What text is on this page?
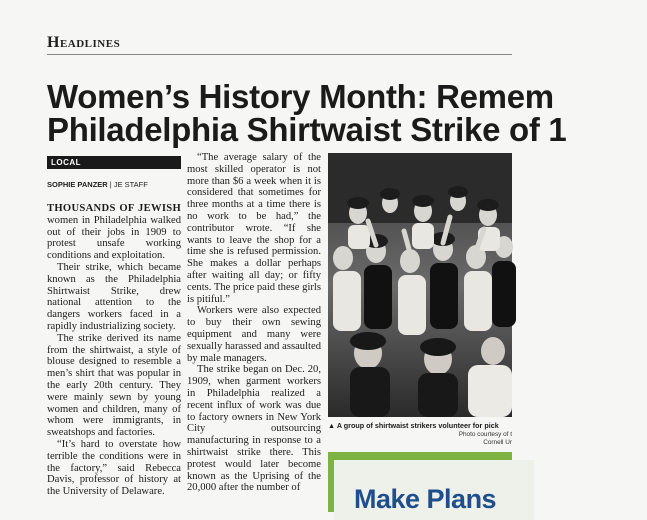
Headlines
Women’s History Month: Remem
Philadelphia Shirtwaist Strike of 1
LOCAL
SOPHIE PANZER | JE STAFF

THOUSANDS OF JEWISH women in Philadelphia walked out of their jobs in 1909 to protest unsafe working conditions and exploitation.

Their strike, which became known as the Philadelphia Shirtwaist Strike, drew national attention to the dangers workers faced in a rapidly industrializing society.

The strike derived its name from the shirtwaist, a style of blouse designed to resemble a men’s shirt that was popular in the early 20th century. They were mainly sewn by young women and children, many of whom were immigrants, in sweatshops and factories.

“It’s hard to overstate how terrible the conditions were in the factory,” said Rebecca Davis, professor of history at the University of Delaware.

“The average salary of the most skilled operator is not more than $6 a week when it is considered that sometimes for three months at a time there is no work to be had,” the contributor wrote. “If she wants to leave the shop for a time she is refused permission. She makes a dollar perhaps after waiting all day; or fifty cents. The price paid these girls is pitiful.”

Workers were also expected to buy their own sewing equipment and many were sexually harassed and assaulted by male managers.

The strike began on Dec. 20, 1909, when garment workers in Philadelphia realized a recent influx of work was due to factory owners in New York City outsourcing manufacturing in response to a shirtwaist strike there. This protest would later become known as the Uprising of the 20,000 after the number of

▲ A group of shirtwaist strikers volunteer for pick
Photo courtesy of t
Cornell Ur
Make Plans
